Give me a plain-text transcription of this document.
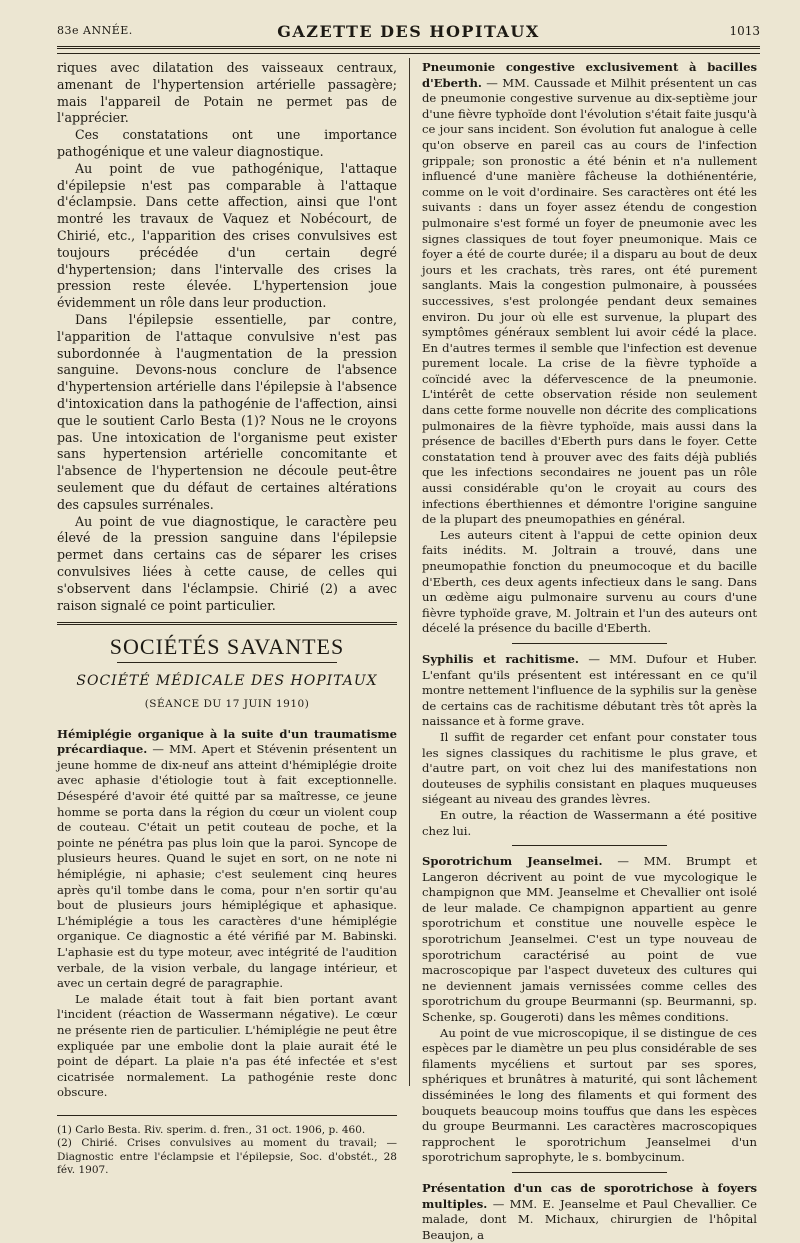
83e ANNÉE.	GAZETTE DES HOPITAUX	1013

riques avec dilatation des vaisseaux centraux, amenant de l'hypertension artérielle passagère; mais l'appareil de Potain ne permet pas de l'apprécier.

Ces constatations ont une importance pathogénique et une valeur diagnostique.

Au point de vue pathogénique, l'attaque d'épilepsie n'est pas comparable à l'attaque d'éclampsie. Dans cette affection, ainsi que l'ont montré les travaux de Vaquez et Nobécourt, de Chirié, etc., l'apparition des crises convulsives est toujours précédée d'un certain degré d'hypertension; dans l'intervalle des crises la pression reste élevée. L'hypertension joue évidemment un rôle dans leur production.

Dans l'épilepsie essentielle, par contre, l'apparition de l'attaque convulsive n'est pas subordonnée à l'augmentation de la pression sanguine. Devons-nous conclure de l'absence d'hypertension artérielle dans l'épilepsie à l'absence d'intoxication dans la pathogénie de l'affection, ainsi que le soutient Carlo Besta (1)? Nous ne le croyons pas. Une intoxication de l'organisme peut exister sans hypertension artérielle concomitante et l'absence de l'hypertension ne découle peut-être seulement que du défaut de certaines altérations des capsules surrénales.

Au point de vue diagnostique, le caractère peu élevé de la pression sanguine dans l'épilepsie permet dans certains cas de séparer les crises convulsives liées à cette cause, de celles qui s'observent dans l'éclampsie. Chirié (2) a avec raison signalé ce point particulier.

SOCIÉTÉS SAVANTES
SOCIÉTÉ MÉDICALE DES HOPITAUX
(SÉANCE DU 17 JUIN 1910)

Hémiplégie organique à la suite d'un traumatisme précardiaque. — MM. Apert et Stévenin présentent un jeune homme de dix-neuf ans atteint d'hémiplégie droite avec aphasie d'étiologie tout à fait exceptionnelle. Désespéré d'avoir été quitté par sa maîtresse, ce jeune homme se porta dans la région du cœur un violent coup de couteau. C'était un petit couteau de poche, et la pointe ne pénétra pas plus loin que la paroi. Syncope de plusieurs heures. Quand le sujet en sort, on ne note ni hémiplégie, ni aphasie; c'est seulement cinq heures après qu'il tombe dans le coma, pour n'en sortir qu'au bout de plusieurs jours hémiplégique et aphasique. L'hémiplégie a tous les caractères d'une hémiplégie organique. Ce diagnostic a été vérifié par M. Babinski. L'aphasie est du type moteur, avec intégrité de l'audition verbale, de la vision verbale, du langage intérieur, et avec un certain degré de paragraphie.

Le malade était tout à fait bien portant avant l'incident (réaction de Wassermann négative). Le cœur ne présente rien de particulier. L'hémiplégie ne peut être expliquée par une embolie dont la plaie aurait été le point de départ. La plaie n'a pas été infectée et s'est cicatrisée normalement. La pathogénie reste donc obscure.

(1) Carlo Besta. Riv. sperim. d. fren., 31 oct. 1906, p. 460.

(2) Chirié. Crises convulsives au moment du travail; — Diagnostic entre l'éclampsie et l'épilepsie, Soc. d'obstét., 28 fév. 1907.

Pneumonie congestive exclusivement à bacilles d'Eberth. — MM. Caussade et Milhit présentent un cas de pneumonie congestive survenue au dix-septième jour d'une fièvre typhoïde dont l'évolution s'était faite jusqu'à ce jour sans incident. Son évolution fut analogue à celle qu'on observe en pareil cas au cours de l'infection grippale; son pronostic a été bénin et n'a nullement influencé d'une manière fâcheuse la dothiénentérie, comme on le voit d'ordinaire. Ses caractères ont été les suivants : dans un foyer assez étendu de congestion pulmonaire s'est formé un foyer de pneumonie avec les signes classiques de tout foyer pneumonique. Mais ce foyer a été de courte durée; il a disparu au bout de deux jours et les crachats, très rares, ont été purement sanglants. Mais la congestion pulmonaire, à poussées successives, s'est prolongée pendant deux semaines environ. Du jour où elle est survenue, la plupart des symptômes généraux semblent lui avoir cédé la place. En d'autres termes il semble que l'infection est devenue purement locale. La crise de la fièvre typhoïde a coïncidé avec la défervescence de la pneumonie. L'intérêt de cette observation réside non seulement dans cette forme nouvelle non décrite des complications pulmonaires de la fièvre typhoïde, mais aussi dans la présence de bacilles d'Eberth purs dans le foyer. Cette constatation tend à prouver avec des faits déjà publiés que les infections secondaires ne jouent pas un rôle aussi considérable qu'on le croyait au cours des infections éberthiennes et démontre l'origine sanguine de la plupart des pneumopathies en général.

Les auteurs citent à l'appui de cette opinion deux faits inédits. M. Joltrain a trouvé, dans une pneumopathie fonction du pneumocoque et du bacille d'Eberth, ces deux agents infectieux dans le sang. Dans un œdème aigu pulmonaire survenu au cours d'une fièvre typhoïde grave, M. Joltrain et l'un des auteurs ont décelé la présence du bacille d'Eberth.

Syphilis et rachitisme. — MM. Dufour et Huber. L'enfant qu'ils présentent est intéressant en ce qu'il montre nettement l'influence de la syphilis sur la genèse de certains cas de rachitisme débutant très tôt après la naissance et à forme grave.

Il suffit de regarder cet enfant pour constater tous les signes classiques du rachitisme le plus grave, et d'autre part, on voit chez lui des manifestations non douteuses de syphilis consistant en plaques muqueuses siégeant au niveau des grandes lèvres.

En outre, la réaction de Wassermann a été positive chez lui.

Sporotrichum Jeanselmei. — MM. Brumpt et Langeron décrivent au point de vue mycologique le champignon que MM. Jeanselme et Chevallier ont isolé de leur malade. Ce champignon appartient au genre sporotrichum et constitue une nouvelle espèce le sporotrichum Jeanselmei. C'est un type nouveau de sporotrichum caractérisé au point de vue macroscopique par l'aspect duveteux des cultures qui ne deviennent jamais vernissées comme celles des sporotrichum du groupe Beurmanni (sp. Beurmanni, sp. Schenke, sp. Gougeroti) dans les mêmes conditions.

Au point de vue microscopique, il se distingue de ces espèces par le diamètre un peu plus considérable de ses filaments mycéliens et surtout par ses spores, sphériques et brunâtres à maturité, qui sont lâchement disséminées le long des filaments et qui forment des bouquets beaucoup moins touffus que dans les espèces du groupe Beurmanni. Les caractères macroscopiques rapprochent le sporotrichum Jeanselmei d'un sporotrichum saprophyte, le s. bombycinum.

Présentation d'un cas de sporotrichose à foyers multiples. — MM. E. Jeanselme et Paul Chevallier. Ce malade, dont M. Michaux, chirurgien de l'hôpital Beaujon, a
